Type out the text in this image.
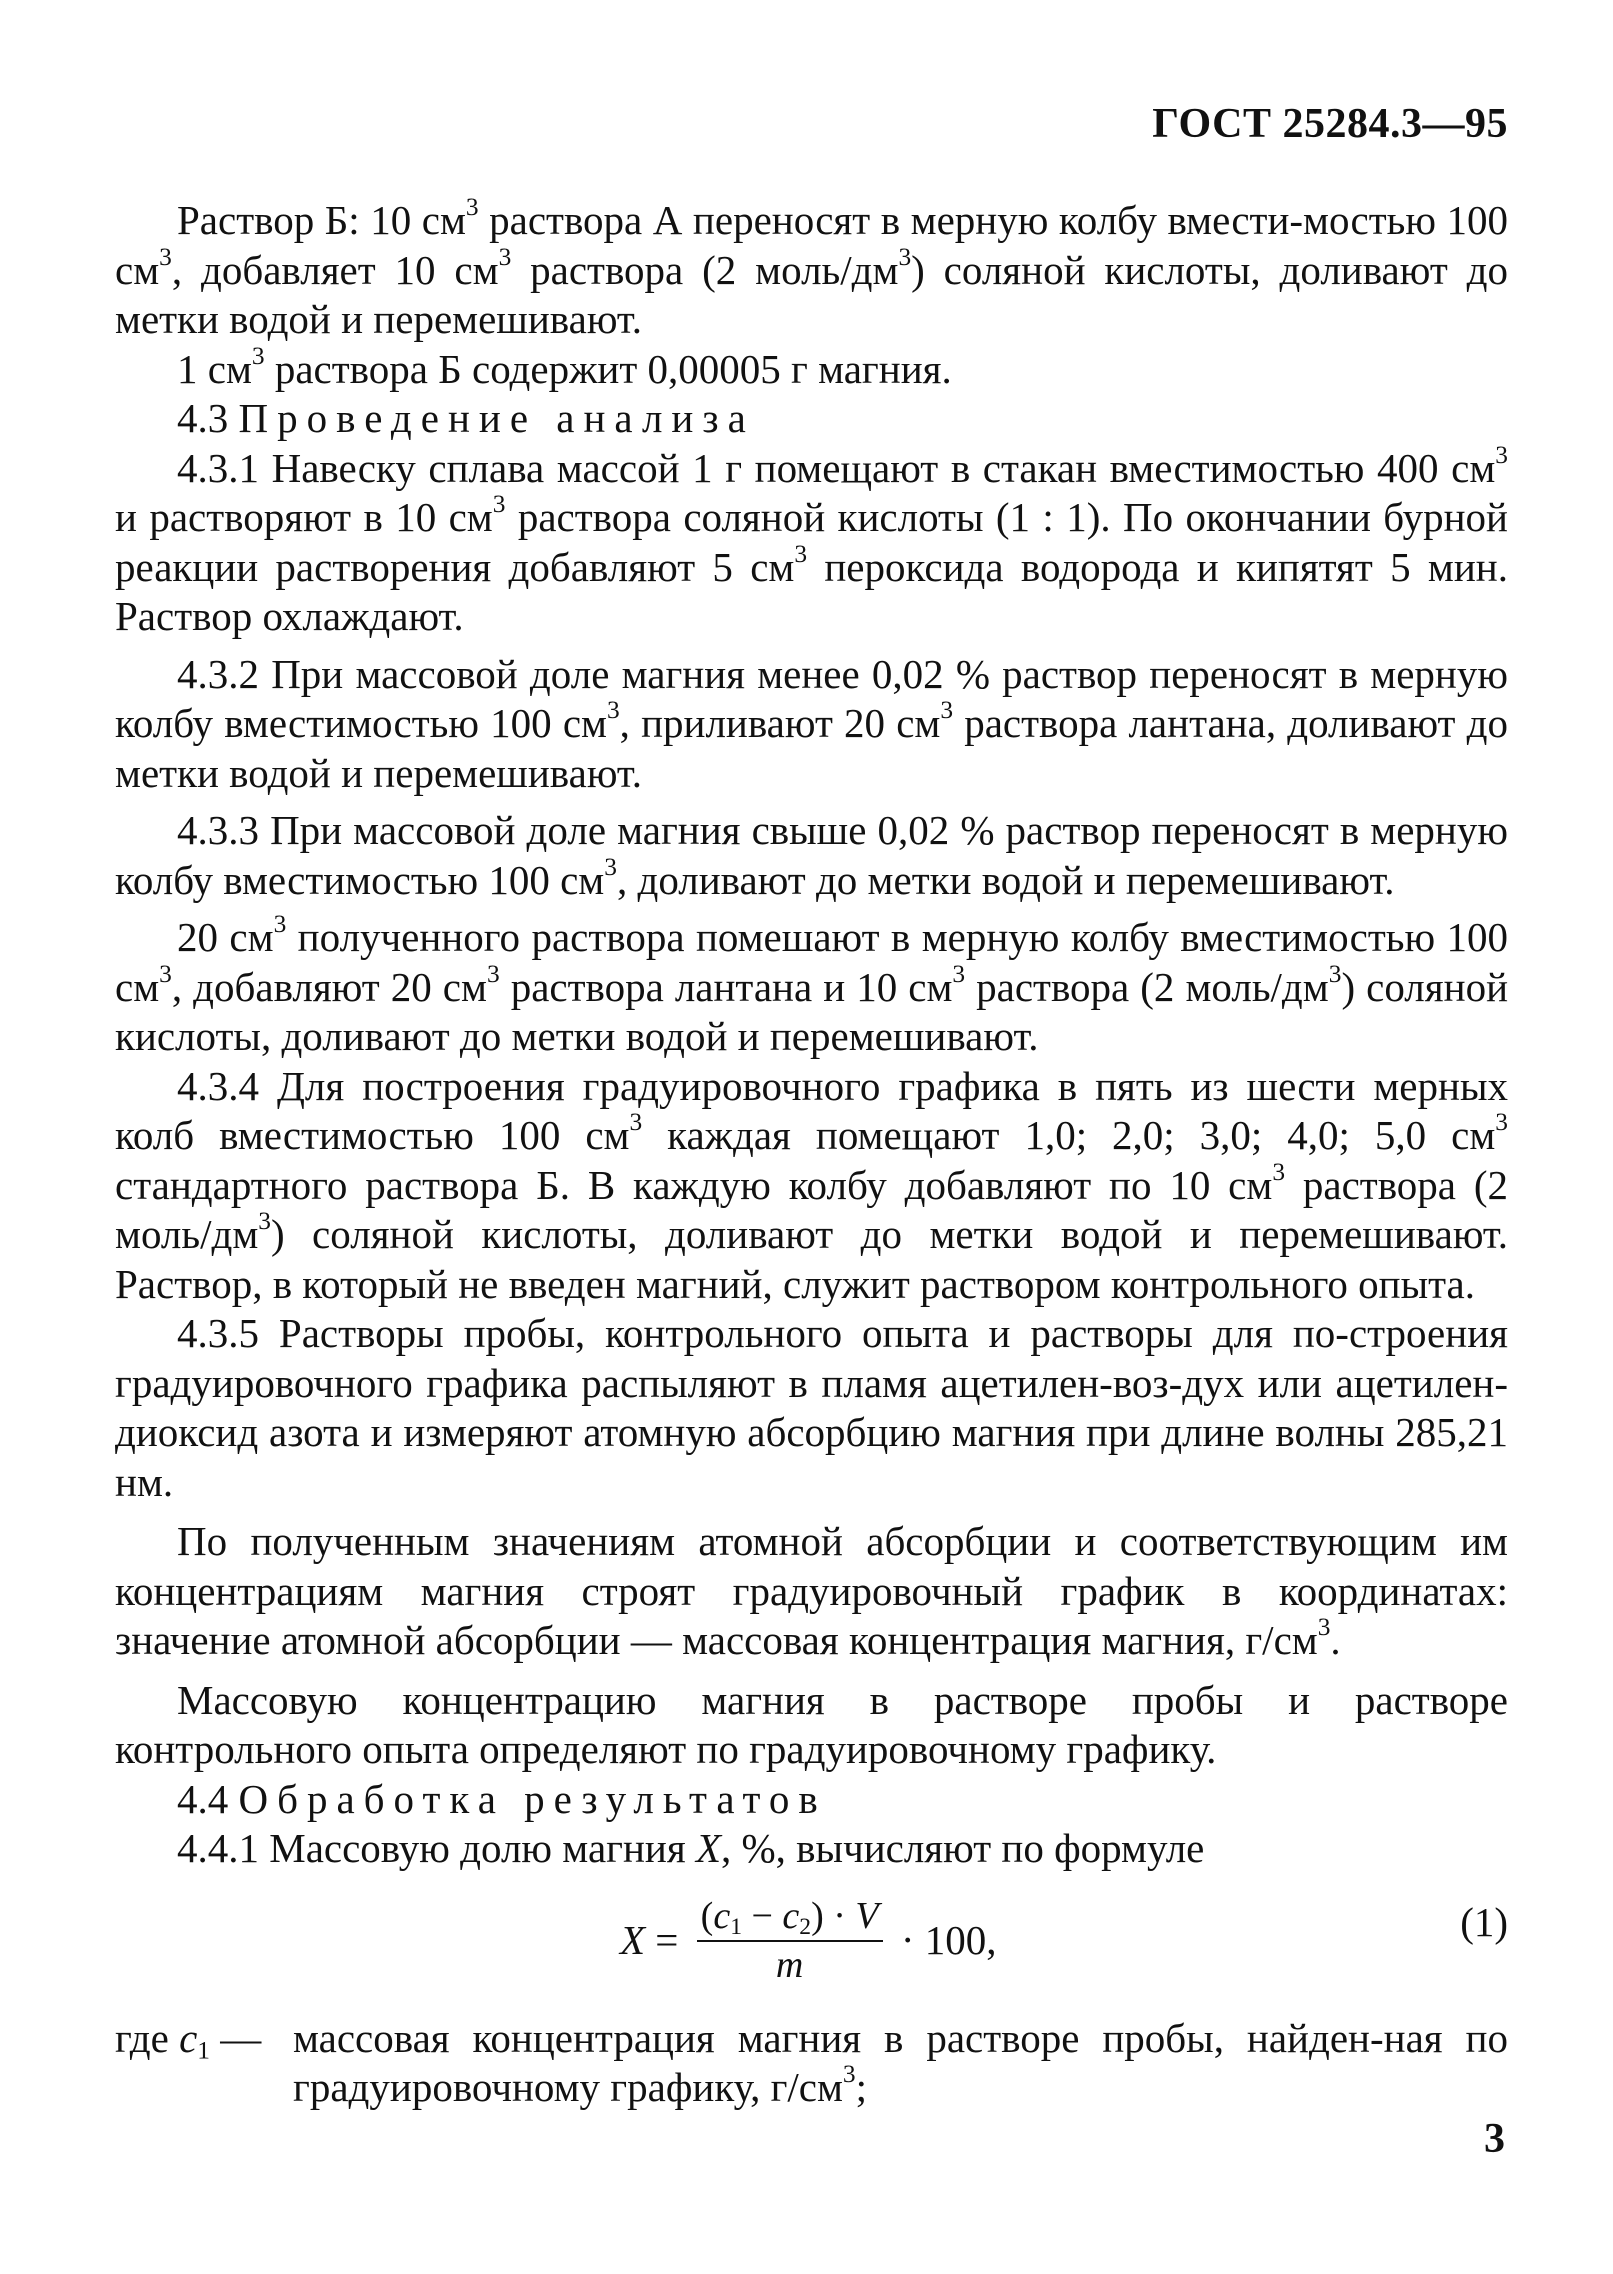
ГОСТ 25284.3—95

Раствор Б: 10 $см^3$ раствора А переносят в мерную колбу вмести-мостью 100 $см^3$, добавляет 10 $см^3$ раствора (2 моль/$дм^3$) соляной кислоты, доливают до метки водой и перемешивают.

1 $см^3$ раствора Б содержит 0,00005 г магния.

4.3 Проведение анализа

4.3.1 Навеску сплава массой 1 г помещают в стакан вместимостью 400 $см^3$ и растворяют в 10 $см^3$ раствора соляной кислоты (1 : 1). По окончании бурной реакции растворения добавляют 5 $см^3$ пероксида водорода и кипятят 5 мин. Раствор охлаждают.

4.3.2 При массовой доле магния менее 0,02 % раствор переносят в мерную колбу вместимостью 100 $см^3$, приливают 20 $см^3$ раствора лантана, доливают до метки водой и перемешивают.

4.3.3 При массовой доле магния свыше 0,02 % раствор переносят в мерную колбу вместимостью 100 $см^3$, доливают до метки водой и перемешивают.

20 $см^3$ полученного раствора помешают в мерную колбу вместимостью 100 $см^3$, добавляют 20 $см^3$ раствора лантана и 10 $см^3$ раствора (2 моль/$дм^3$) соляной кислоты, доливают до метки водой и перемешивают.

4.3.4 Для построения градуировочного графика в пять из шести мерных колб вместимостью 100 $см^3$ каждая помещают 1,0; 2,0; 3,0; 4,0; 5,0 $см^3$ стандартного раствора Б. В каждую колбу добавляют по 10 $см^3$ раствора (2 моль/$дм^3$) соляной кислоты, доливают до метки водой и перемешивают. Раствор, в который не введен магний, служит раствором контрольного опыта.

4.3.5 Растворы пробы, контрольного опыта и растворы для по-строения градуировочного графика распыляют в пламя ацетилен-воз-дух или ацетилен-диоксид азота и измеряют атомную абсорбцию магния при длине волны 285,21 нм.

По полученным значениям атомной абсорбции и соответствующим им концентрациям магния строят градуировочный график в координатах: значение атомной абсорбции — массовая концентрация магния, $г/см^3$.

Массовую концентрацию магния в растворе пробы и растворе контрольного опыта определяют по градуировочному графику.

4.4 Обработка результатов

4.4.1 Массовую долю магния X, %, вычисляют по формуле

$X = \frac{(c_1 - c_2) \cdot V}{m} \cdot 100$,	(1)
где $c_1$ — массовая концентрация магния в растворе пробы, найден-ная по градуировочному графику, $г/см^3$;
3
